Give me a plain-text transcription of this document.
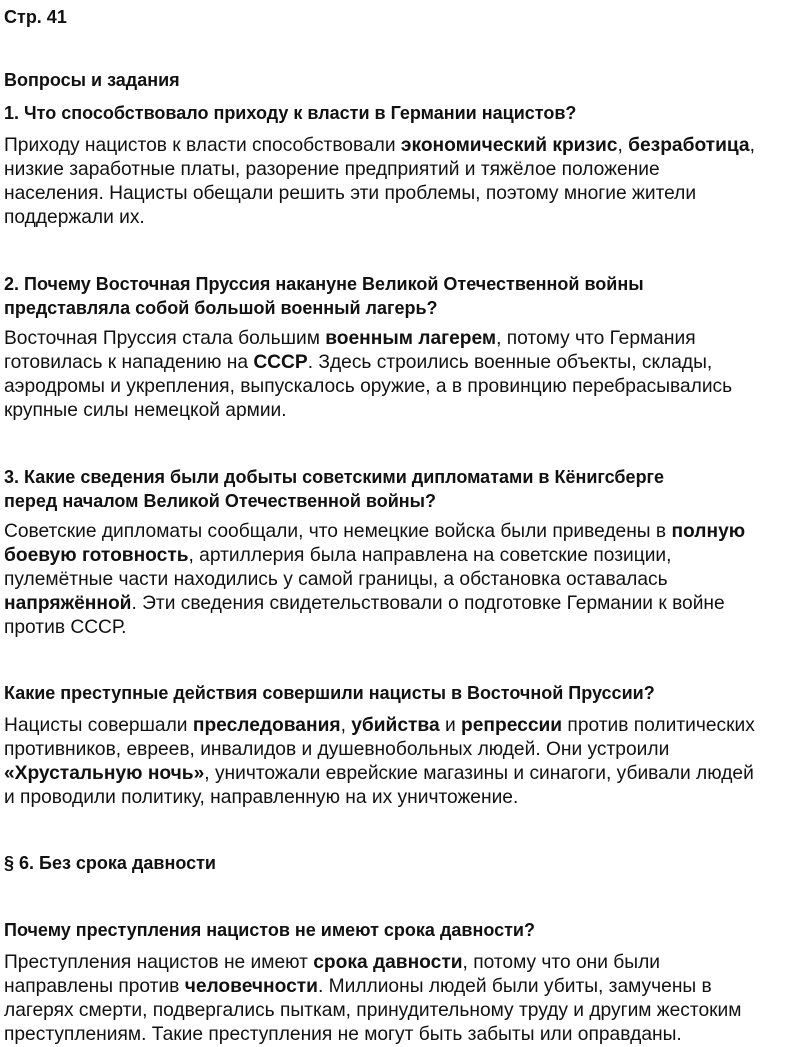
Стр. 41
Вопросы и задания
1. Что способствовало приходу к власти в Германии нацистов?
Приходу нацистов к власти способствовали экономический кризис, безработица,
низкие заработные платы, разорение предприятий и тяжёлое положение
населения. Нацисты обещали решить эти проблемы, поэтому многие жители
поддержали их.
2. Почему Восточная Пруссия накануне Великой Отечественной войны
представляла собой большой военный лагерь?
Восточная Пруссия стала большим военным лагерем, потому что Германия
готовилась к нападению на СССР. Здесь строились военные объекты, склады,
аэродромы и укрепления, выпускалось оружие, а в провинцию перебрасывались
крупные силы немецкой армии.
3. Какие сведения были добыты советскими дипломатами в Кёнигсберге
перед началом Великой Отечественной войны?
Советские дипломаты сообщали, что немецкие войска были приведены в полную
боевую готовность, артиллерия была направлена на советские позиции,
пулемётные части находились у самой границы, а обстановка оставалась
напряжённой. Эти сведения свидетельствовали о подготовке Германии к войне
против СССР.
Какие преступные действия совершили нацисты в Восточной Пруссии?
Нацисты совершали преследования, убийства и репрессии против политических
противников, евреев, инвалидов и душевнобольных людей. Они устроили
«Хрустальную ночь», уничтожали еврейские магазины и синагоги, убивали людей
и проводили политику, направленную на их уничтожение.
§ 6. Без срока давности
Почему преступления нацистов не имеют срока давности?
Преступления нацистов не имеют срока давности, потому что они были
направлены против человечности. Миллионы людей были убиты, замучены в
лагерях смерти, подвергались пыткам, принудительному труду и другим жестоким
преступлениям. Такие преступления не могут быть забыты или оправданы.
